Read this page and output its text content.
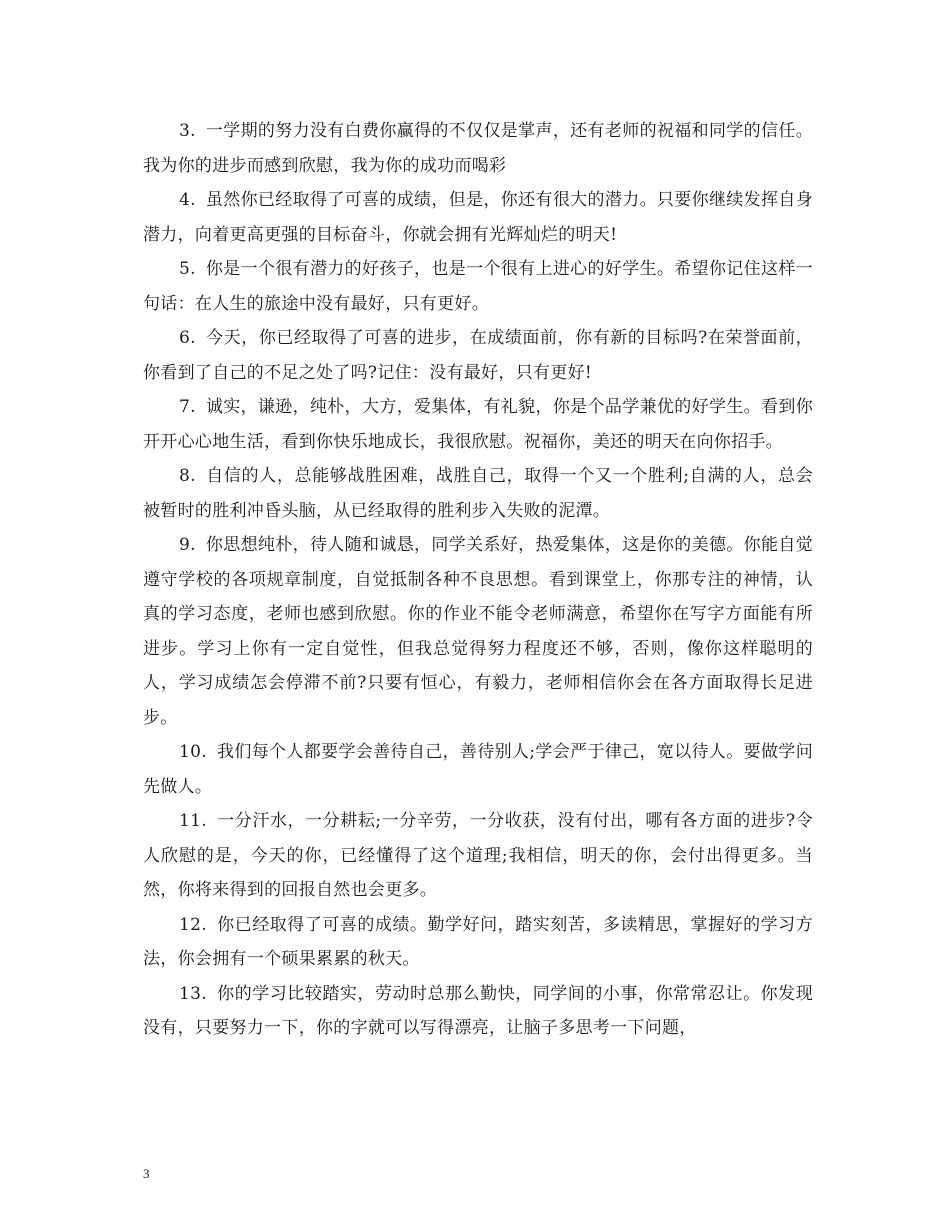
3. 一学期的努力没有白费你赢得的不仅仅是掌声，还有老师的祝福和同学的信任。我为你的进步而感到欣慰，我为你的成功而喝彩

4. 虽然你已经取得了可喜的成绩，但是，你还有很大的潜力。只要你继续发挥自身潜力，向着更高更强的目标奋斗，你就会拥有光辉灿烂的明天!

5. 你是一个很有潜力的好孩子，也是一个很有上进心的好学生。希望你记住这样一句话：在人生的旅途中没有最好，只有更好。

6. 今天，你已经取得了可喜的进步，在成绩面前，你有新的目标吗?在荣誉面前，你看到了自己的不足之处了吗?记住：没有最好，只有更好!

7. 诚实，谦逊，纯朴，大方，爱集体，有礼貌，你是个品学兼优的好学生。看到你开开心心地生活，看到你快乐地成长，我很欣慰。祝福你，美还的明天在向你招手。

8. 自信的人，总能够战胜困难，战胜自己，取得一个又一个胜利;自满的人，总会被暂时的胜利冲昏头脑，从已经取得的胜利步入失败的泥潭。

9. 你思想纯朴，待人随和诚恳，同学关系好，热爱集体，这是你的美德。你能自觉遵守学校的各项规章制度，自觉抵制各种不良思想。看到课堂上，你那专注的神情，认真的学习态度，老师也感到欣慰。你的作业不能令老师满意，希望你在写字方面能有所进步。学习上你有一定自觉性，但我总觉得努力程度还不够，否则，像你这样聪明的人，学习成绩怎会停滞不前?只要有恒心，有毅力，老师相信你会在各方面取得长足进步。

10. 我们每个人都要学会善待自己，善待别人;学会严于律己，宽以待人。要做学问先做人。

11. 一分汗水，一分耕耘;一分辛劳，一分收获，没有付出，哪有各方面的进步?令人欣慰的是，今天的你，已经懂得了这个道理;我相信，明天的你，会付出得更多。当然，你将来得到的回报自然也会更多。

12. 你已经取得了可喜的成绩。勤学好问，踏实刻苦，多读精思，掌握好的学习方法，你会拥有一个硕果累累的秋天。

13. 你的学习比较踏实，劳动时总那么勤快，同学间的小事，你常常忍让。你发现没有，只要努力一下，你的字就可以写得漂亮，让脑子多思考一下问题，

3
